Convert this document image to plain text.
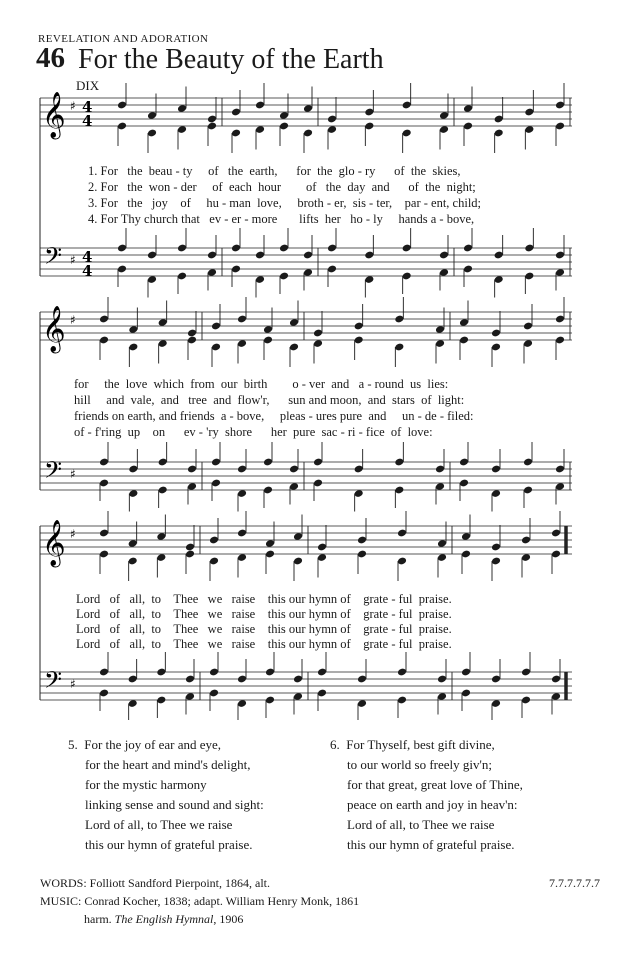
REVELATION AND ADORATION
46 For the Beauty of the Earth
DIX
𝄞
𝄢
♯
♯
4
4
4
4
𝄞
𝄢
♯
♯
𝄞
𝄢
♯
♯
1. For   the  beau - ty     of   the  earth,      for  the  glo - ry      of  the  skies,
2. For   the  won - der     of  each  hour        of   the  day  and      of  the  night;
3. For   the   joy    of     hu - man  love,     broth - er,  sis - ter,    par - ent, child;
4. For Thy church that   ev - er - more       lifts  her   ho - ly     hands a - bove,
for     the  love  which  from  our  birth        o - ver  and   a - round  us  lies:
hill     and  vale,  and   tree  and  flow'r,      sun and moon,  and  stars  of  light:
friends on earth, and friends  a - bove,     pleas - ures pure  and     un - de - filed:
of - f'ring  up    on      ev - 'ry  shore      her  pure  sac - ri - fice  of  love:
Lord   of   all,  to    Thee   we   raise    this our hymn of    grate - ful  praise.
Lord   of   all,  to    Thee   we   raise    this our hymn of    grate - ful  praise.
Lord   of   all,  to    Thee   we   raise    this our hymn of    grate - ful  praise.
Lord   of   all,  to    Thee   we   raise    this our hymn of    grate - ful  praise.
5.  For the joy of ear and eye,
for the heart and mind's delight,
for the mystic harmony
linking sense and sound and sight:
Lord of all, to Thee we raise
this our hymn of grateful praise.
6.  For Thyself, best gift divine,
to our world so freely giv'n;
for that great, great love of Thine,
peace on earth and joy in heav'n:
Lord of all, to Thee we raise
this our hymn of grateful praise.
WORDS: Folliott Sandford Pierpoint, 1864, alt.	7.7.7.7.7.7
MUSIC: Conrad Kocher, 1838; adapt. William Henry Monk, 1861
harm. The English Hymnal, 1906
